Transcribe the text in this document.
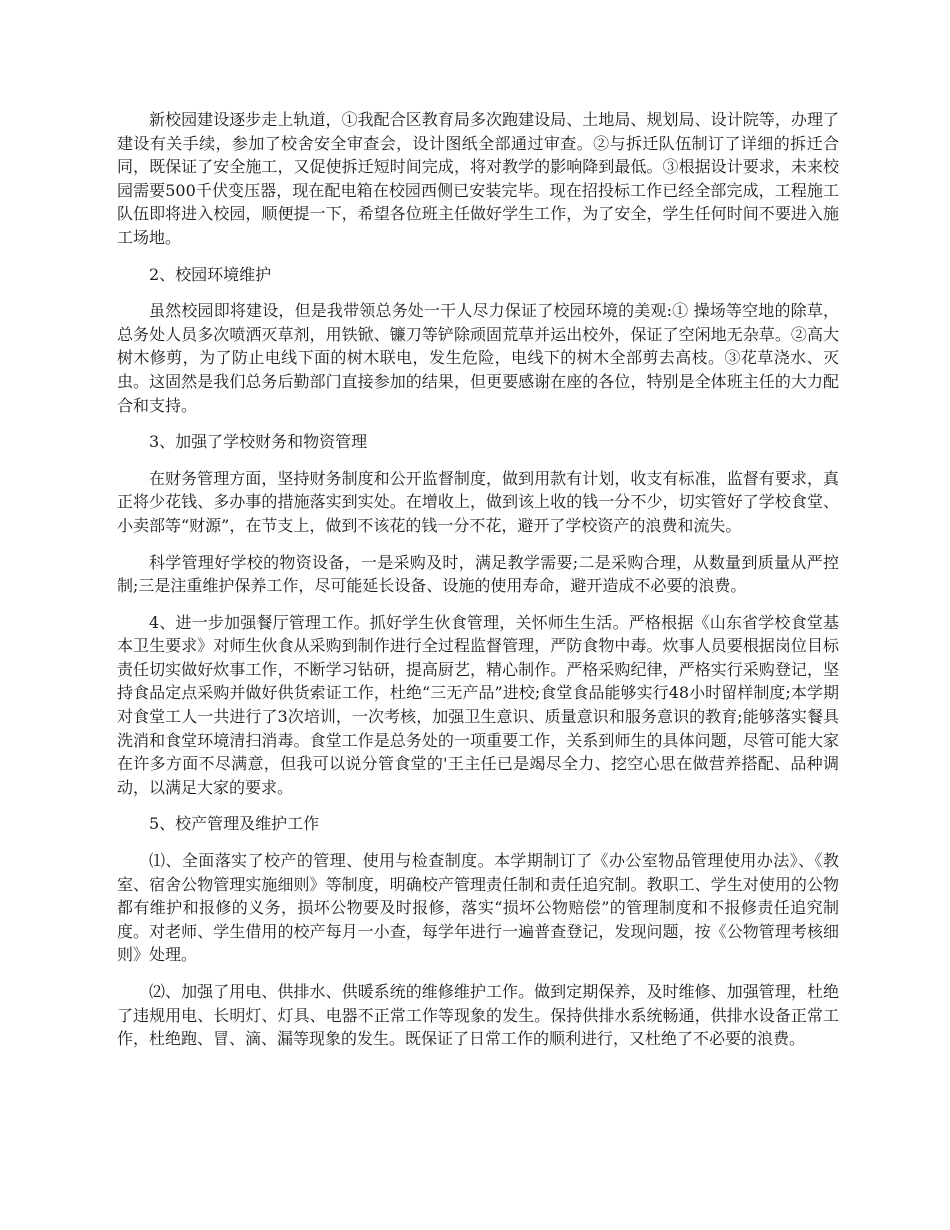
新校园建设逐步走上轨道，①我配合区教育局多次跑建设局、土地局、规划局、设计院等，办理了建设有关手续，参加了校舍安全审查会，设计图纸全部通过审查。②与拆迁队伍制订了详细的拆迁合同，既保证了安全施工，又促使拆迁短时间完成，将对教学的影响降到最低。③根据设计要求，未来校园需要500千伏变压器，现在配电箱在校园西侧已安装完毕。现在招投标工作已经全部完成，工程施工队伍即将进入校园，顺便提一下，希望各位班主任做好学生工作，为了安全，学生任何时间不要进入施工场地。

2、校园环境维护

虽然校园即将建设，但是我带领总务处一干人尽力保证了校园环境的美观:① 操场等空地的除草，总务处人员多次喷洒灭草剂，用铁锨、镰刀等铲除顽固荒草并运出校外，保证了空闲地无杂草。②高大树木修剪，为了防止电线下面的树木联电，发生危险，电线下的树木全部剪去高枝。③花草浇水、灭虫。这固然是我们总务后勤部门直接参加的结果，但更要感谢在座的各位，特别是全体班主任的大力配合和支持。

3、加强了学校财务和物资管理

在财务管理方面，坚持财务制度和公开监督制度，做到用款有计划，收支有标准，监督有要求，真正将少花钱、多办事的措施落实到实处。在增收上，做到该上收的钱一分不少，切实管好了学校食堂、小卖部等“财源”，在节支上，做到不该花的钱一分不花，避开了学校资产的浪费和流失。

科学管理好学校的物资设备，一是采购及时，满足教学需要;二是采购合理，从数量到质量从严控制;三是注重维护保养工作，尽可能延长设备、设施的使用寿命，避开造成不必要的浪费。

4、进一步加强餐厅管理工作。抓好学生伙食管理，关怀师生生活。严格根据《山东省学校食堂基本卫生要求》对师生伙食从采购到制作进行全过程监督管理，严防食物中毒。炊事人员要根据岗位目标责任切实做好炊事工作，不断学习钻研，提高厨艺，精心制作。严格采购纪律，严格实行采购登记，坚持食品定点采购并做好供货索证工作，杜绝“三无产品”进校;食堂食品能够实行48小时留样制度;本学期对食堂工人一共进行了3次培训，一次考核，加强卫生意识、质量意识和服务意识的教育;能够落实餐具洗消和食堂环境清扫消毒。食堂工作是总务处的一项重要工作，关系到师生的具体问题，尽管可能大家在许多方面不尽满意，但我可以说分管食堂的'王主任已是竭尽全力、挖空心思在做营养搭配、品种调动，以满足大家的要求。

5、校产管理及维护工作

⑴、全面落实了校产的管理、使用与检查制度。本学期制订了《办公室物品管理使用办法》、《教室、宿舍公物管理实施细则》等制度，明确校产管理责任制和责任追究制。教职工、学生对使用的公物都有维护和报修的义务，损坏公物要及时报修，落实“损坏公物赔偿”的管理制度和不报修责任追究制度。对老师、学生借用的校产每月一小查，每学年进行一遍普查登记，发现问题，按《公物管理考核细则》处理。

⑵、加强了用电、供排水、供暖系统的维修维护工作。做到定期保养，及时维修、加强管理，杜绝了违规用电、长明灯、灯具、电器不正常工作等现象的发生。保持供排水系统畅通，供排水设备正常工作，杜绝跑、冒、滴、漏等现象的发生。既保证了日常工作的顺利进行，又杜绝了不必要的浪费。
